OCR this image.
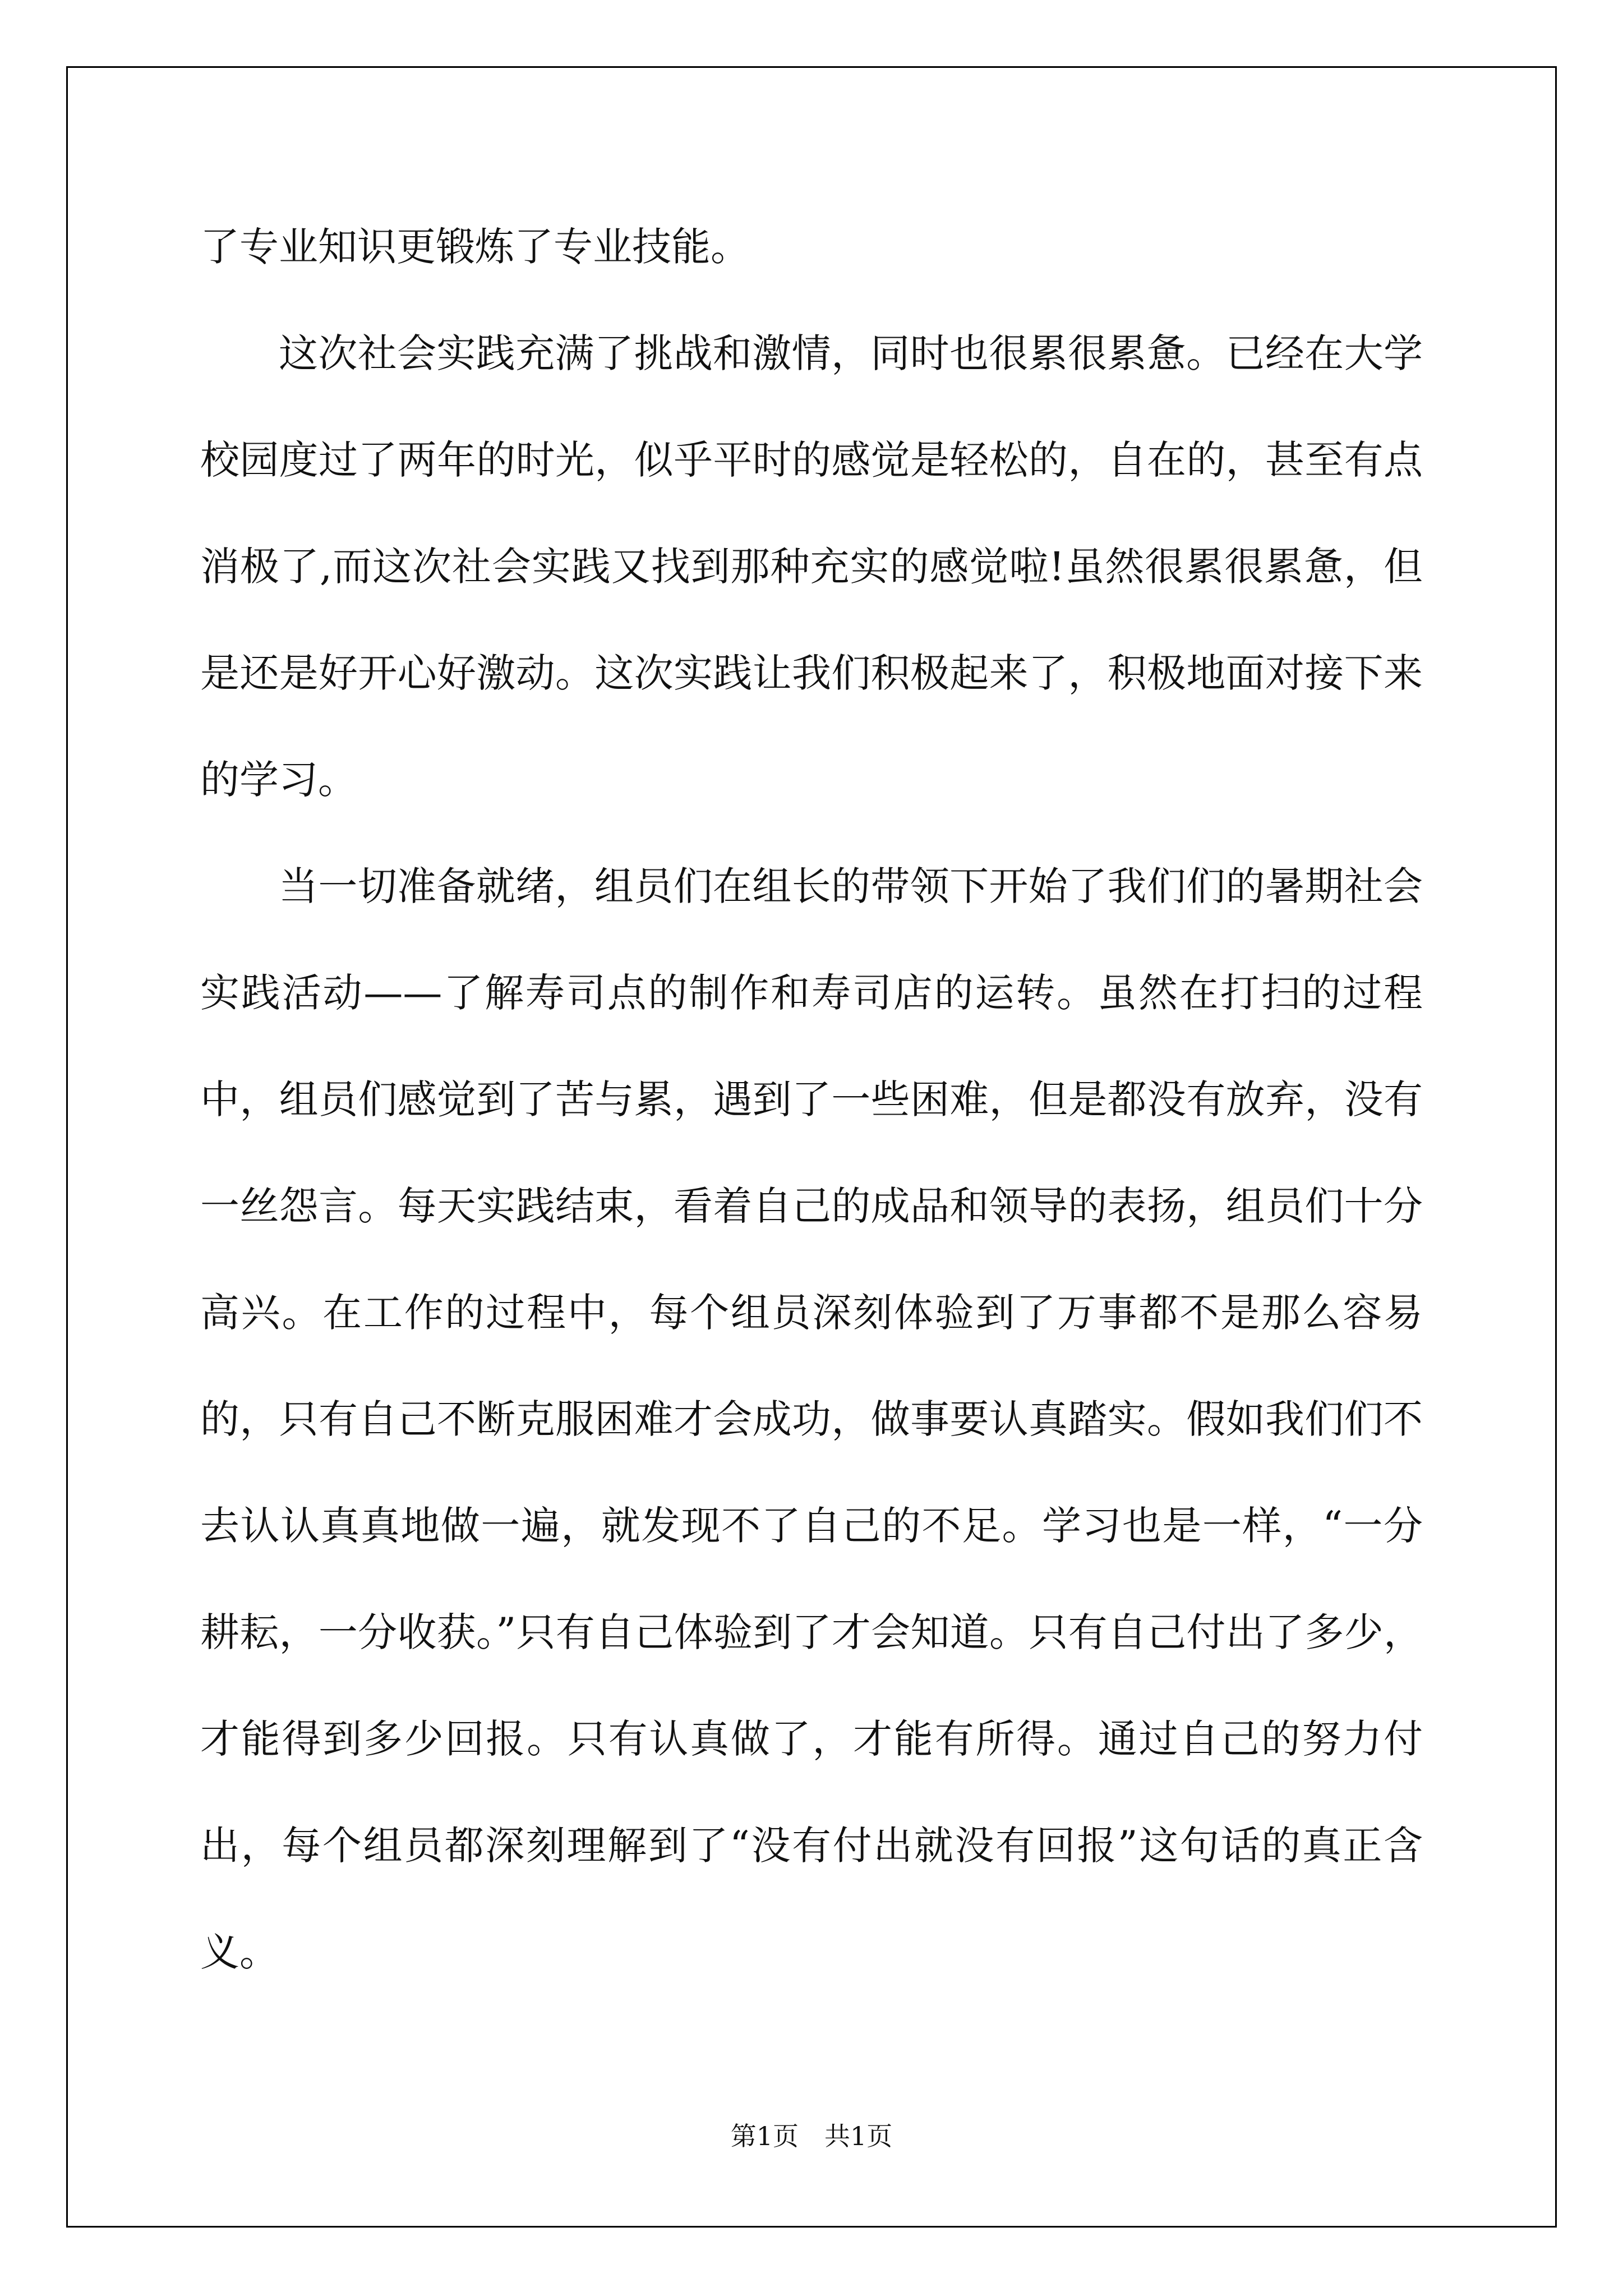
了专业知识更锻炼了专业技能。

这次社会实践充满了挑战和激情，同时也很累很累惫。已经在大学校园度过了两年的时光，似乎平时的感觉是轻松的，自在的，甚至有点消极了,而这次社会实践又找到那种充实的感觉啦!虽然很累很累惫，但是还是好开心好激动。这次实践让我们积极起来了，积极地面对接下来的学习。

当一切准备就绪，组员们在组长的带领下开始了我们们的暑期社会实践活动——了解寿司点的制作和寿司店的运转。虽然在打扫的过程中，组员们感觉到了苦与累，遇到了一些困难，但是都没有放弃，没有一丝怨言。每天实践结束，看着自己的成品和领导的表扬，组员们十分高兴。在工作的过程中，每个组员深刻体验到了万事都不是那么容易的，只有自己不断克服困难才会成功，做事要认真踏实。假如我们们不去认认真真地做一遍，就发现不了自己的不足。学习也是一样，“一分耕耘，一分收获。”只有自己体验到了才会知道。只有自己付出了多少，才能得到多少回报。只有认真做了，才能有所得。通过自己的努力付出，每个组员都深刻理解到了“没有付出就没有回报”这句话的真正含义。

第1页　共1页
